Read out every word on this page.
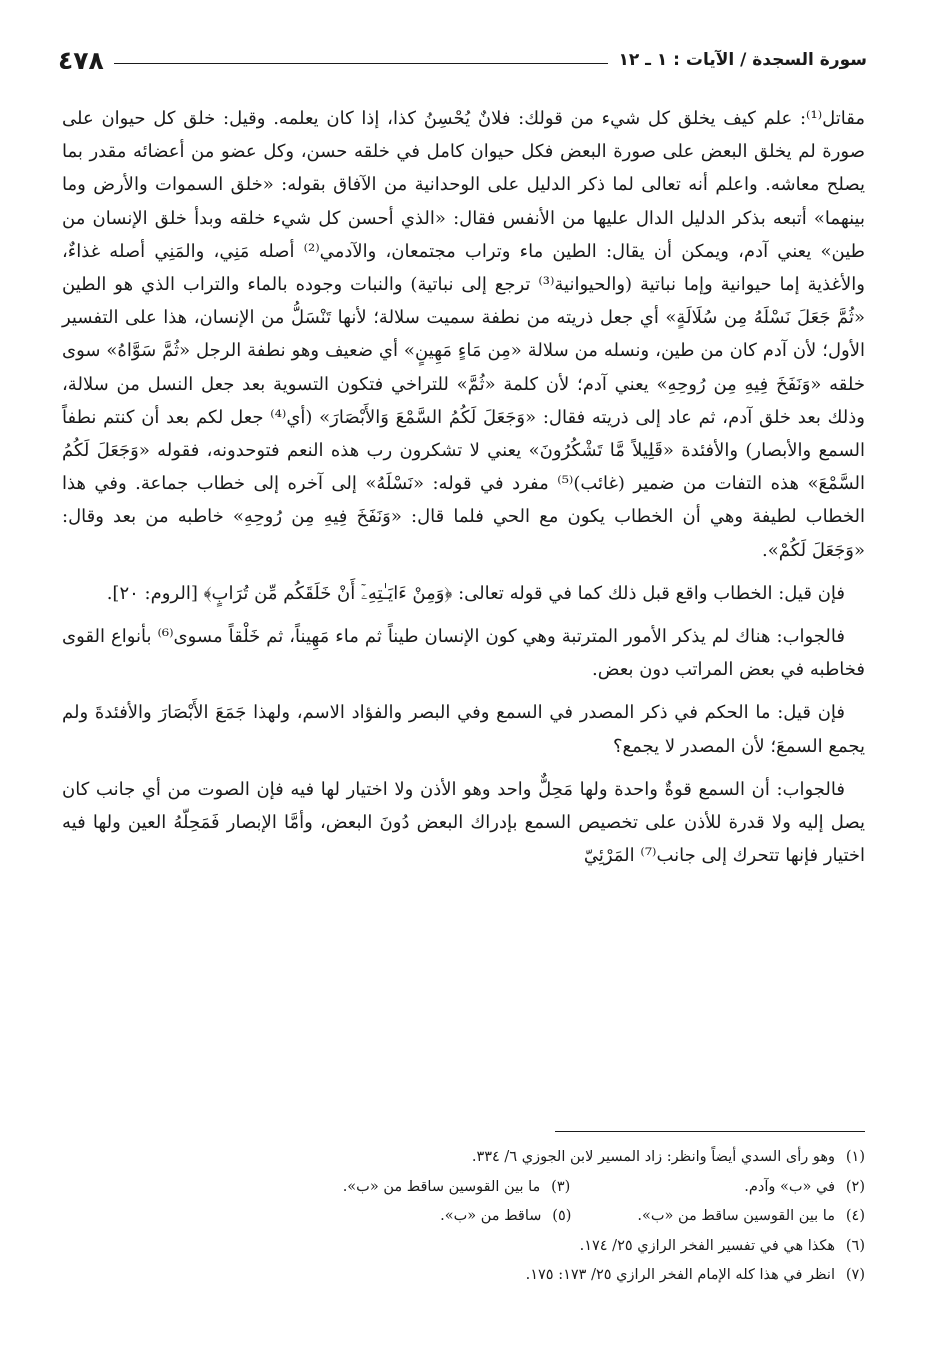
سورة السجدة / الآيات : ١ ـ ١٢
٤٧٨

مقاتل⁽¹⁾: علم كيف يخلق كل شيء من قولك: فلانٌ يُحْسِنُ كذا، إذا كان يعلمه. وقيل: خلق كل حيوان على صورة لم يخلق البعض على صورة البعض فكل حيوان كامل في خلقه حسن، وكل عضو من أعضائه مقدر بما يصلح معاشه. واعلم أنه تعالى لما ذكر الدليل على الوحدانية من الآفاق بقوله: «خلق السموات والأرض وما بينهما» أتبعه بذكر الدليل الدال عليها من الأنفس فقال: «الذي أحسن كل شيء خلقه وبدأ خلق الإنسان من طين» يعني آدم، ويمكن أن يقال: الطين ماء وتراب مجتمعان، والآدمي⁽²⁾ أصله مَنِي، والمَنِي أصله غذاءٌ، والأغذية إما حيوانية وإما نباتية (والحيوانية⁽³⁾ ترجع إلى نباتية) والنبات وجوده بالماء والتراب الذي هو الطين «ثُمَّ جَعَلَ نَسْلَهُ مِن سُلَالَةٍ» أي جعل ذريته من نطفة سميت سلالة؛ لأنها تَنْسَلُّ من الإنسان، هذا على التفسير الأول؛ لأن آدم كان من طين، ونسله من سلالة «مِن مَاءٍ مَهِينٍ» أي ضعيف وهو نطفة الرجل «ثُمَّ سَوَّاهُ» سوى خلقه «وَنَفَخَ فِيهِ مِن رُوحِهِ» يعني آدم؛ لأن كلمة «ثُمَّ» للتراخي فتكون التسوية بعد جعل النسل من سلالة، وذلك بعد خلق آدم، ثم عاد إلى ذريته فقال: «وَجَعَلَ لَكُمُ السَّمْعَ وَالأَبْصَارَ» (أي⁽⁴⁾ جعل لكم بعد أن كنتم نطفاً السمع والأبصار) والأفئدة «قَلِيلاً مَّا تَشْكُرُونَ» يعني لا تشكرون رب هذه النعم فتوحدونه، فقوله «وَجَعَلَ لَكُمُ السَّمْعَ» هذه التفات من ضمير (غائب)⁽⁵⁾ مفرد في قوله: «نَسْلَهُ» إلى آخره إلى خطاب جماعة. وفي هذا الخطاب لطيفة وهي أن الخطاب يكون مع الحي فلما قال: «وَنَفَخَ فِيهِ مِن رُوحِهِ» خاطبه من بعد وقال: «وَجَعَلَ لَكُمْ».

فإن قيل: الخطاب واقع قبل ذلك كما في قوله تعالى: ﴿وَمِنْ ءَايَـٰتِهِۦٓ أَنْ خَلَقَكُم مِّن تُرَابٍ﴾ [الروم: ٢٠].

فالجواب: هناك لم يذكر الأمور المترتبة وهي كون الإنسان طيناً ثم ماء مَهِيناً، ثم خَلْقاً مسوى⁽⁶⁾ بأنواع القوى فخاطبه في بعض المراتب دون بعض.

فإن قيل: ما الحكم في ذكر المصدر في السمع وفي البصر والفؤاد الاسم، ولهذا جَمَعَ الأَبْصَارَ والأفئدةَ ولم يجمع السمعَ؛ لأن المصدر لا يجمع؟

فالجواب: أن السمع قوةٌ واحدة ولها مَحِلٌّ واحد وهو الأذن ولا اختيار لها فيه فإن الصوت من أي جانب كان يصل إليه ولا قدرة للأذن على تخصيص السمع بإدراك البعض دُونَ البعض، وأمَّا الإبصار فَمَحِلّهُ العين ولها فيه اختيار فإنها تتحرك إلى جانب⁽⁷⁾ المَرْئِيّ

(١)وهو رأى السدي أيضاً وانظر: زاد المسير لابن الجوزي ٦/ ٣٣٤.
(٢)في «ب» وآدم.
(٣)ما بين القوسين ساقط من «ب».
(٤)ما بين القوسين ساقط من «ب».
(٥)ساقط من «ب».
(٦)هكذا هي في تفسير الفخر الرازي ٢٥/ ١٧٤.
(٧)انظر في هذا كله الإمام الفخر الرازي ٢٥/ ١٧٣: ١٧٥.
